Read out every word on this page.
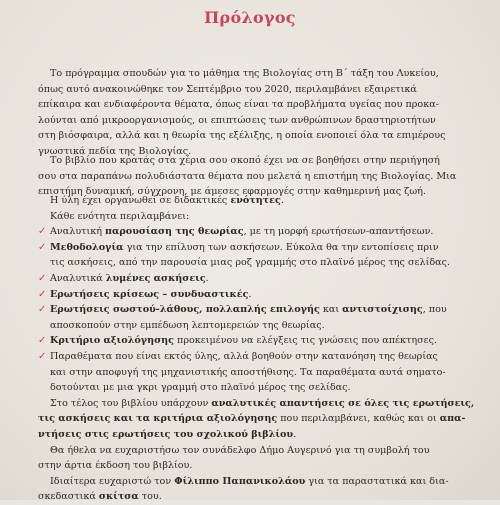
Πρόλογος
Το πρόγραμμα σπουδών για το μάθημα της Βιολογίας στη Β΄ τάξη του Λυκείου,
όπως αυτό ανακοινώθηκε τον Σεπτέμβριο του 2020, περιλαμβάνει εξαιρετικά
επίκαιρα και ενδιαφέροντα θέματα, όπως είναι τα προβλήματα υγείας που προκα-
λούνται από μικροοργανισμούς, οι επιπτώσεις των ανθρώπινων δραστηριοτήτων
στη βιόσφαιρα, αλλά και η θεωρία της εξέλιξης, η οποία ενοποιεί όλα τα επιμέρους
γνωστικά πεδία της Βιολογίας.
Το βιβλίο που κρατάς στα χέρια σου σκοπό έχει να σε βοηθήσει στην περιήγησή
σου στα παραπάνω πολυδιάστατα θέματα που μελετά η επιστήμη της Βιολογίας. Μια
επιστήμη δυναμική, σύγχρονη, με άμεσες εφαρμογές στην καθημερινή μας ζωή.
Η ύλη έχει οργανωθεί σε διδακτικές ενότητες.
Κάθε ενότητα περιλαμβάνει:
✓ Αναλυτική παρουσίαση της θεωρίας, με τη μορφή ερωτήσεων-απαντήσεων.
✓ Μεθοδολογία για την επίλυση των ασκήσεων. Εύκολα θα την εντοπίσεις πριν
τις ασκήσεις, από την παρουσία μιας ροζ γραμμής στο πλαϊνό μέρος της σελίδας.
✓ Αναλυτικά λυμένες ασκήσεις.
✓ Ερωτήσεις κρίσεως – συνδυαστικές.
✓ Ερωτήσεις σωστού-λάθους, πολλαπλής επιλογής και αντιστοίχισης, που
αποσκοπούν στην εμπέδωση λεπτομερειών της θεωρίας.
✓ Κριτήριο αξιολόγησης προκειμένου να ελέγξεις τις γνώσεις που απέκτησες.
✓ Παραθέματα που είναι εκτός ύλης, αλλά βοηθούν στην κατανόηση της θεωρίας
και στην αποφυγή της μηχανιστικής αποστήθισης. Τα παραθέματα αυτά σηματο-
δοτούνται με μια γκρι γραμμή στο πλαϊνό μέρος της σελίδας.
Στο τέλος του βιβλίου υπάρχουν αναλυτικές απαντήσεις σε όλες τις ερωτήσεις,
τις ασκήσεις και τα κριτήρια αξιολόγησης που περιλαμβάνει, καθώς και οι απα-
ντήσεις στις ερωτήσεις του σχολικού βιβλίου.
Θα ήθελα να ευχαριστήσω τον συνάδελφο Δήμο Αυγερινό για τη συμβολή του
στην άρτια έκδοση του βιβλίου.
Ιδιαίτερα ευχαριστώ τον Φίλιππο Παπανικολάου για τα παραστατικά και δια-
σκεδαστικά σκίτσα του.
